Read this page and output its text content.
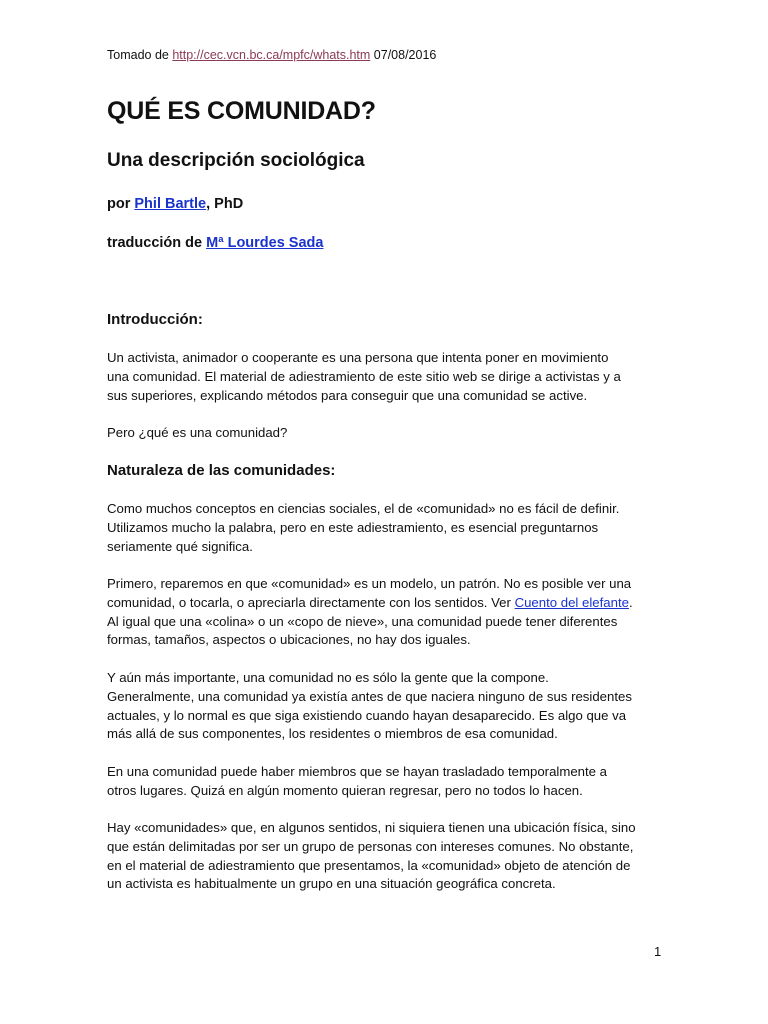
Tomado de http://cec.vcn.bc.ca/mpfc/whats.htm 07/08/2016
QUÉ ES COMUNIDAD?
Una descripción sociológica

por Phil Bartle, PhD

traducción de Mª Lourdes Sada

Introducción:

Un activista, animador o cooperante es una persona que intenta poner en movimiento
una comunidad. El material de adiestramiento de este sitio web se dirige a activistas y a
sus superiores, explicando métodos para conseguir que una comunidad se active.

Pero ¿qué es una comunidad?

Naturaleza de las comunidades:

Como muchos conceptos en ciencias sociales, el de «comunidad» no es fácil de definir.
Utilizamos mucho la palabra, pero en este adiestramiento, es esencial preguntarnos
seriamente qué significa.

Primero, reparemos en que «comunidad» es un modelo, un patrón. No es posible ver una
comunidad, o tocarla, o apreciarla directamente con los sentidos. Ver Cuento del elefante.
Al igual que una «colina» o un «copo de nieve», una comunidad puede tener diferentes
formas, tamaños, aspectos o ubicaciones, no hay dos iguales.

Y aún más importante, una comunidad no es sólo la gente que la compone.
Generalmente, una comunidad ya existía antes de que naciera ninguno de sus residentes
actuales, y lo normal es que siga existiendo cuando hayan desaparecido. Es algo que va
más allá de sus componentes, los residentes o miembros de esa comunidad.

En una comunidad puede haber miembros que se hayan trasladado temporalmente a
otros lugares. Quizá en algún momento quieran regresar, pero no todos lo hacen.

Hay «comunidades» que, en algunos sentidos, ni siquiera tienen una ubicación física, sino
que están delimitadas por ser un grupo de personas con intereses comunes. No obstante,
en el material de adiestramiento que presentamos, la «comunidad» objeto de atención de
un activista es habitualmente un grupo en una situación geográfica concreta.

1
